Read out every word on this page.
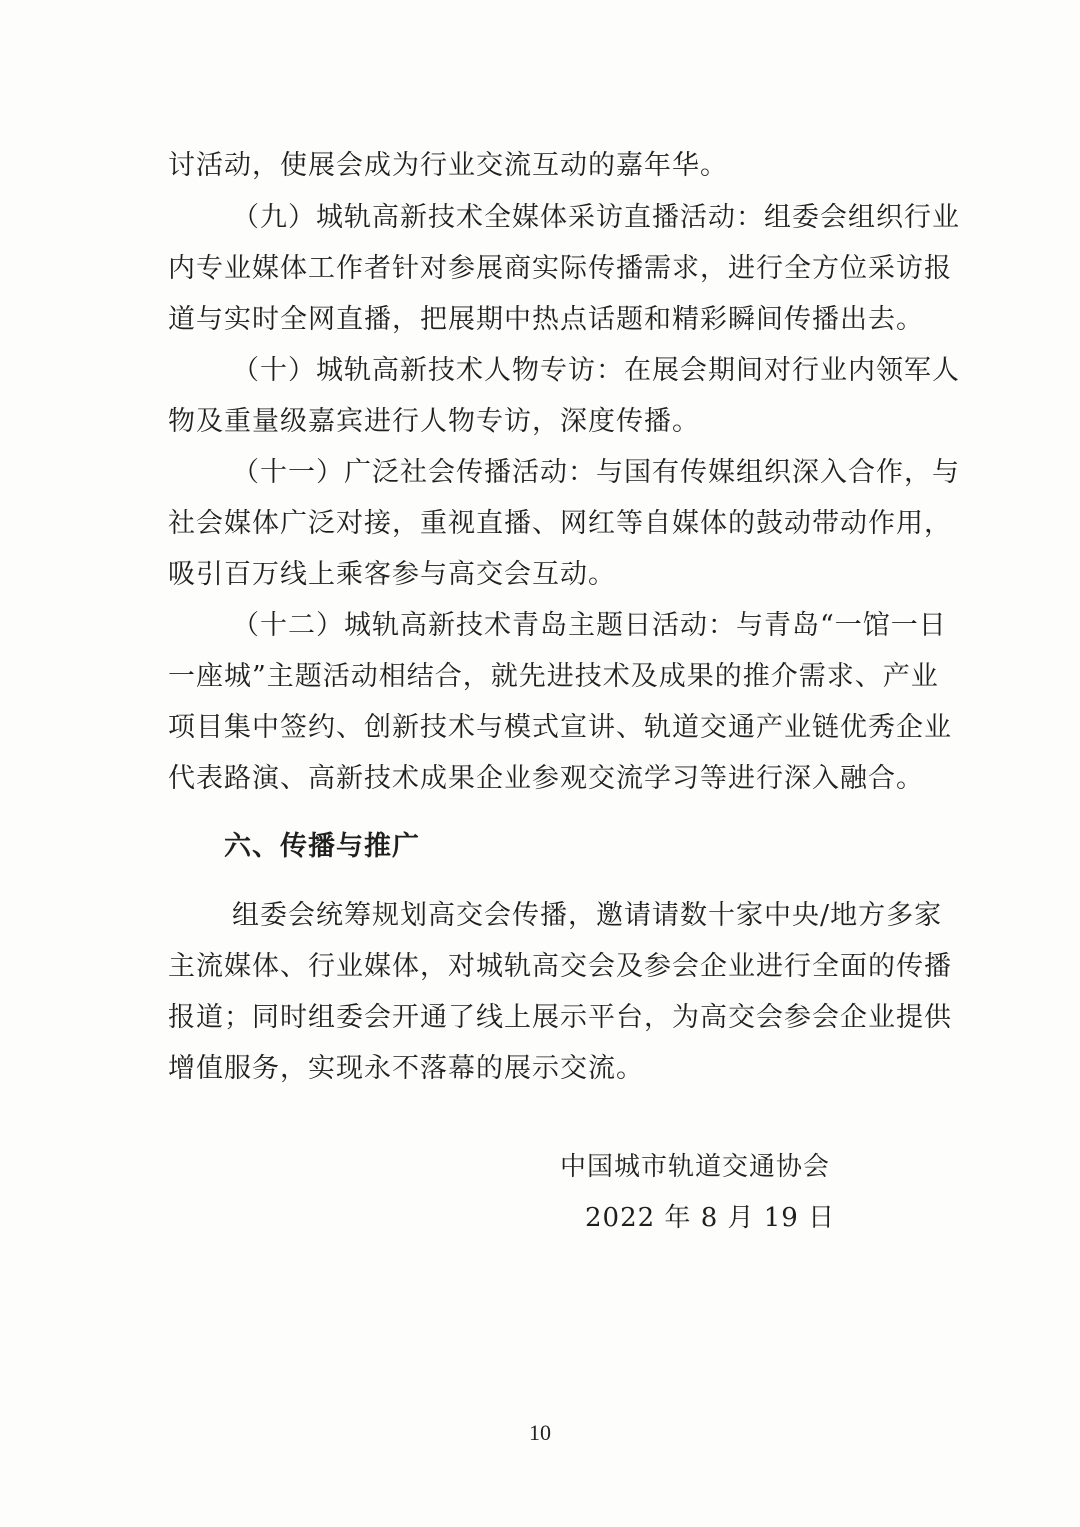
讨活动，使展会成为行业交流互动的嘉年华。
（九）城轨高新技术全媒体采访直播活动：组委会组织行业
内专业媒体工作者针对参展商实际传播需求，进行全方位采访报
道与实时全网直播，把展期中热点话题和精彩瞬间传播出去。
（十）城轨高新技术人物专访：在展会期间对行业内领军人
物及重量级嘉宾进行人物专访，深度传播。
（十一）广泛社会传播活动：与国有传媒组织深入合作，与
社会媒体广泛对接，重视直播、网红等自媒体的鼓动带动作用，
吸引百万线上乘客参与高交会互动。
（十二）城轨高新技术青岛主题日活动：与青岛“一馆一日
一座城”主题活动相结合，就先进技术及成果的推介需求、产业
项目集中签约、创新技术与模式宣讲、轨道交通产业链优秀企业
代表路演、高新技术成果企业参观交流学习等进行深入融合。
六、传播与推广
组委会统筹规划高交会传播，邀请请数十家中央/地方多家
主流媒体、行业媒体，对城轨高交会及参会企业进行全面的传播
报道；同时组委会开通了线上展示平台，为高交会参会企业提供
增值服务，实现永不落幕的展示交流。
中国城市轨道交通协会
2022 年 8 月 19 日
10
